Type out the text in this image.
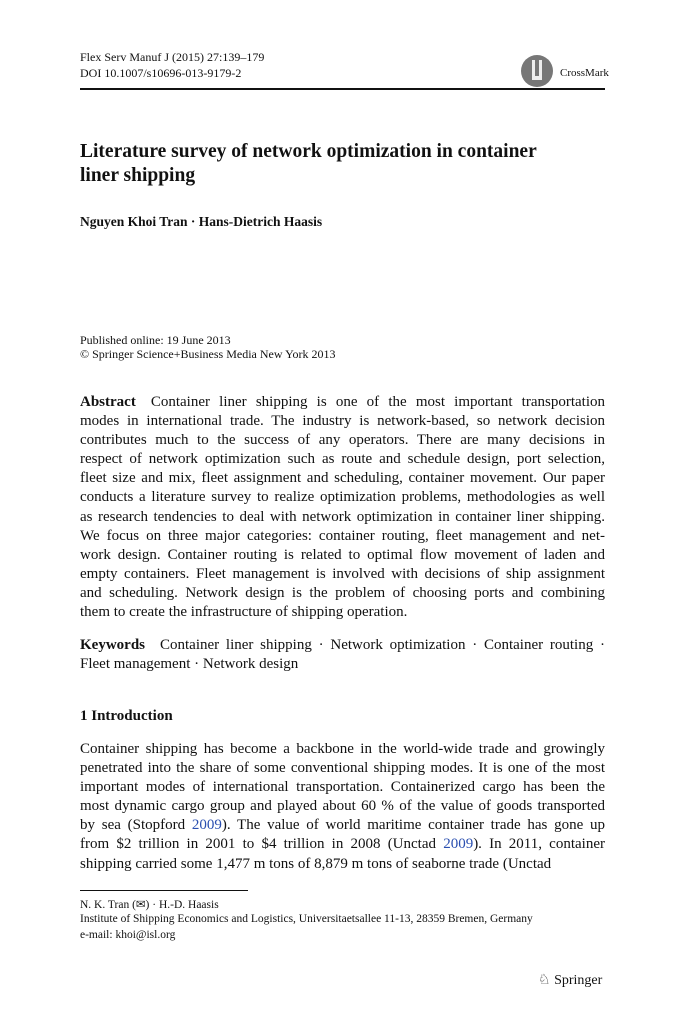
Flex Serv Manuf J (2015) 27:139–179
DOI 10.1007/s10696-013-9179-2	CrossMark
Literature survey of network optimization in container
liner shipping
Nguyen Khoi Tran · Hans-Dietrich Haasis
Published online: 19 June 2013
© Springer Science+Business Media New York 2013
Abstract Container liner shipping is one of the most important transportation
modes in international trade. The industry is network-based, so network decision
contributes much to the success of any operators. There are many decisions in
respect of network optimization such as route and schedule design, port selection,
fleet size and mix, fleet assignment and scheduling, container movement. Our paper
conducts a literature survey to realize optimization problems, methodologies as well
as research tendencies to deal with network optimization in container liner shipping.
We focus on three major categories: container routing, fleet management and net-
work design. Container routing is related to optimal flow movement of laden and
empty containers. Fleet management is involved with decisions of ship assignment
and scheduling. Network design is the problem of choosing ports and combining
them to create the infrastructure of shipping operation.
Keywords Container liner shipping · Network optimization · Container routing ·
Fleet management · Network design
1 Introduction
Container shipping has become a backbone in the world-wide trade and growingly
penetrated into the share of some conventional shipping modes. It is one of the most
important modes of international transportation. Containerized cargo has been the
most dynamic cargo group and played about 60 % of the value of goods transported
by sea (Stopford 2009). The value of world maritime container trade has gone up
from $2 trillion in 2001 to $4 trillion in 2008 (Unctad 2009). In 2011, container
shipping carried some 1,477 m tons of 8,879 m tons of seaborne trade (Unctad
N. K. Tran (✉) · H.-D. Haasis
Institute of Shipping Economics and Logistics, Universitaetsallee 11-13, 28359 Bremen, Germany
e-mail: khoi@isl.org
♘ Springer
